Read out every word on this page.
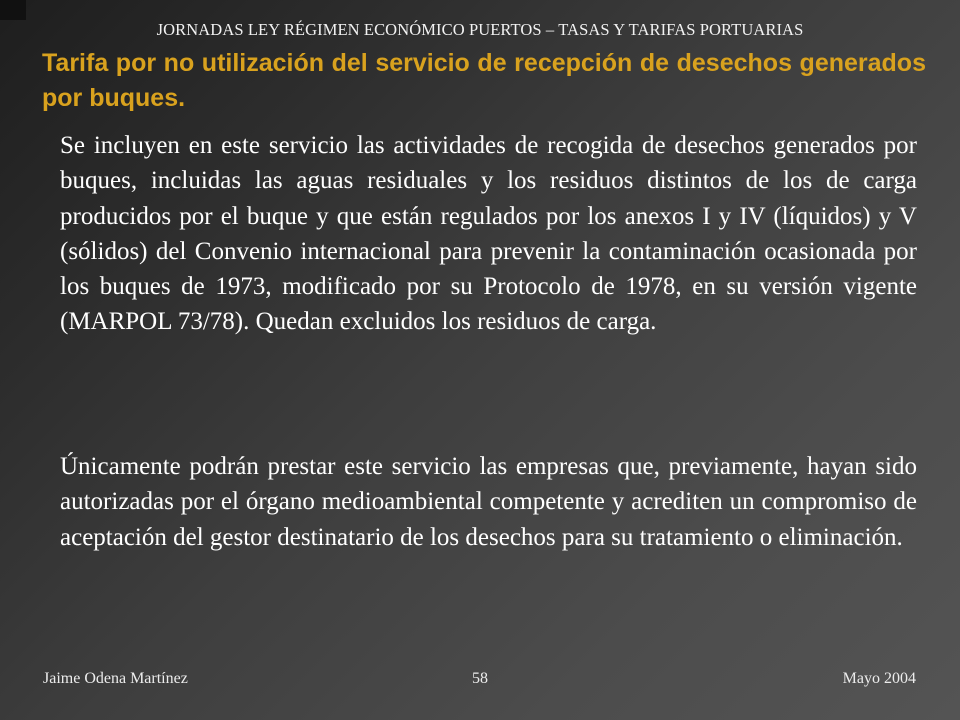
JORNADAS LEY RÉGIMEN ECONÓMICO PUERTOS – TASAS Y TARIFAS PORTUARIAS
Tarifa por no utilización del servicio de recepción de desechos generados por buques.

Se incluyen en este servicio las actividades de recogida de desechos generados por buques, incluidas las aguas residuales y los residuos distintos de los de carga producidos por el buque y que están regulados por los anexos I y IV (líquidos) y V (sólidos) del Convenio internacional para prevenir la contaminación ocasionada por los buques de 1973, modificado por su Protocolo de 1978, en su versión vigente (MARPOL 73/78). Quedan excluidos los residuos de carga.

Únicamente podrán prestar este servicio las empresas que, previamente, hayan sido autorizadas por el órgano medioambiental competente y acrediten un compromiso de aceptación del gestor destinatario de los desechos para su tratamiento o eliminación.

Jaime Odena Martínez	58	Mayo 2004
